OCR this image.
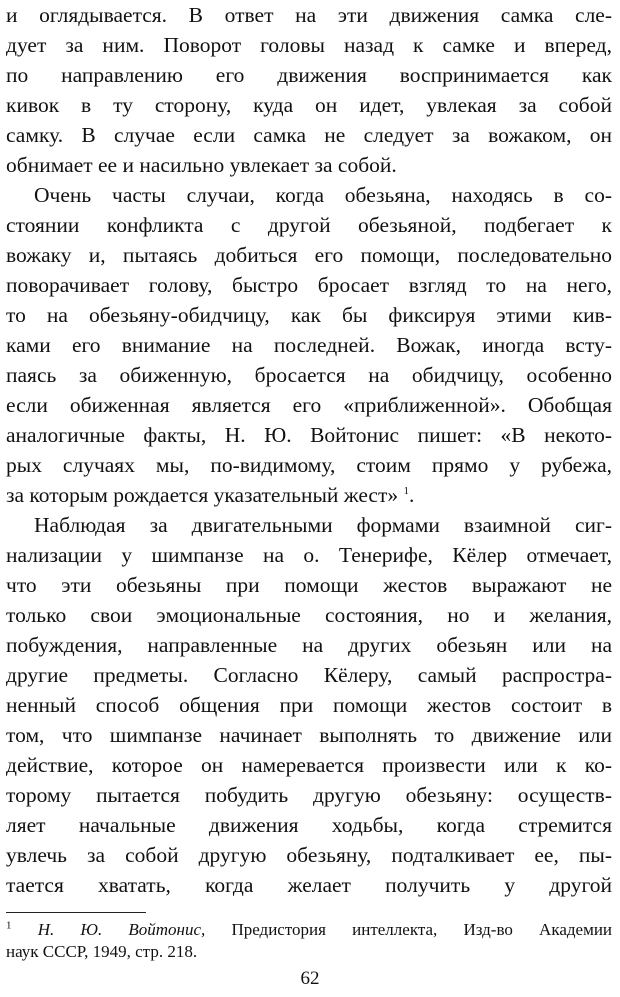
и оглядывается. В ответ на эти движения самка сле-
дует за ним. Поворот головы назад к самке и вперед,
по направлению его движения воспринимается как
кивок в ту сторону, куда он идет, увлекая за собой
самку. В случае если самка не следует за вожаком, он
обнимает ее и насильно увлекает за собой.
Очень часты случаи, когда обезьяна, находясь в со-
стоянии конфликта с другой обезьяной, подбегает к
вожаку и, пытаясь добиться его помощи, последовательно
поворачивает голову, быстро бросает взгляд то на него,
то на обезьяну-обидчицу, как бы фиксируя этими кив-
ками его внимание на последней. Вожак, иногда всту-
паясь за обиженную, бросается на обидчицу, особенно
если обиженная является его «приближенной». Обобщая
аналогичные факты, Н. Ю. Войтонис пишет: «В некото-
рых случаях мы, по-видимому, стоим прямо у рубежа,
за которым рождается указательный жест» $^1$.
Наблюдая за двигательными формами взаимной сиг-
нализации у шимпанзе на о. Тенерифе, Кёлер отмечает,
что эти обезьяны при помощи жестов выражают не
только свои эмоциональные состояния, но и желания,
побуждения, направленные на других обезьян или на
другие предметы. Согласно Кёлеру, самый распростра-
ненный способ общения при помощи жестов состоит в
том, что шимпанзе начинает выполнять то движение или
действие, которое он намеревается произвести или к ко-
торому пытается побудить другую обезьяну: осуществ-
ляет начальные движения ходьбы, когда стремится
увлечь за собой другую обезьяну, подталкивает ее, пы-
тается хватать, когда желает получить у другой
$^1$ Н. Ю. Войтонис, Предистория интеллекта, Изд-во Академии
наук СССР, 1949, стр. 218.
62
